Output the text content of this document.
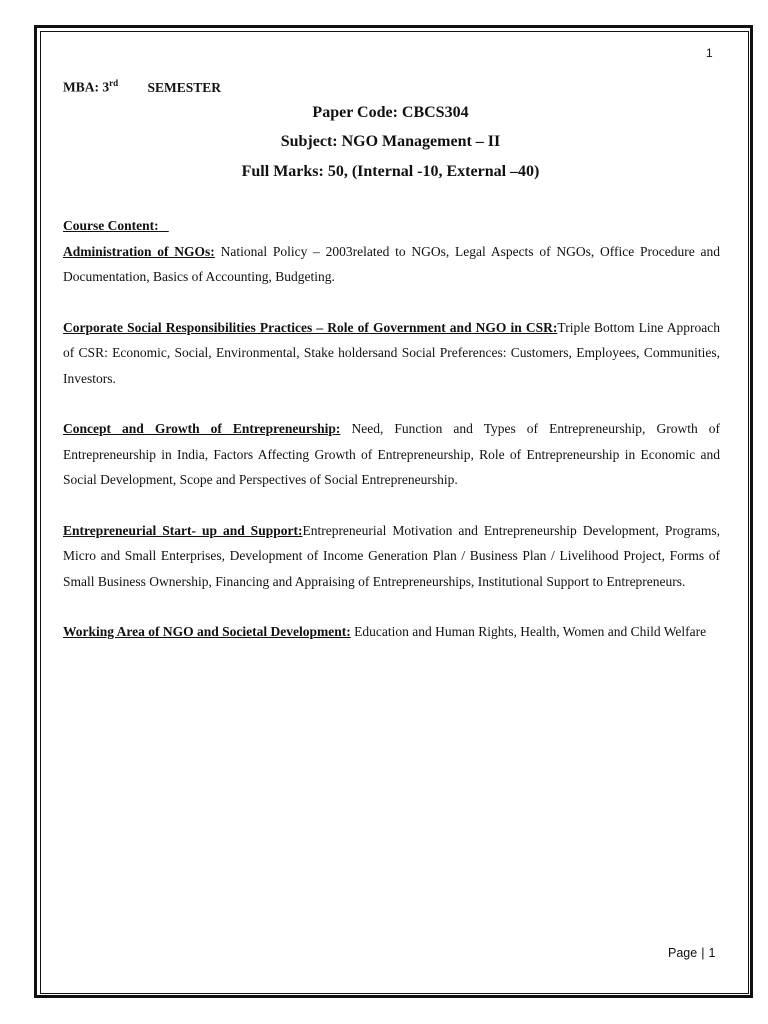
1
MBA: 3rd SEMESTER
Paper Code: CBCS304
Subject: NGO Management – II
Full Marks: 50, (Internal -10, External –40)

Course Content:

Administration of NGOs: National Policy – 2003related to NGOs, Legal Aspects of NGOs, Office Procedure and Documentation, Basics of Accounting, Budgeting.

Corporate Social Responsibilities Practices – Role of Government and NGO in CSR:Triple Bottom Line Approach of CSR: Economic, Social, Environmental, Stake holdersand Social Preferences: Customers, Employees, Communities, Investors.

Concept and Growth of Entrepreneurship: Need, Function and Types of Entrepreneurship, Growth of Entrepreneurship in India, Factors Affecting Growth of Entrepreneurship, Role of Entrepreneurship in Economic and Social Development, Scope and Perspectives of Social Entrepreneurship.

Entrepreneurial Start- up and Support:Entrepreneurial Motivation and Entrepreneurship Development, Programs, Micro and Small Enterprises, Development of Income Generation Plan / Business Plan / Livelihood Project, Forms of Small Business Ownership, Financing and Appraising of Entrepreneurships, Institutional Support to Entrepreneurs.

Working Area of NGO and Societal Development: Education and Human Rights, Health, Women and Child Welfare

Page | 1
